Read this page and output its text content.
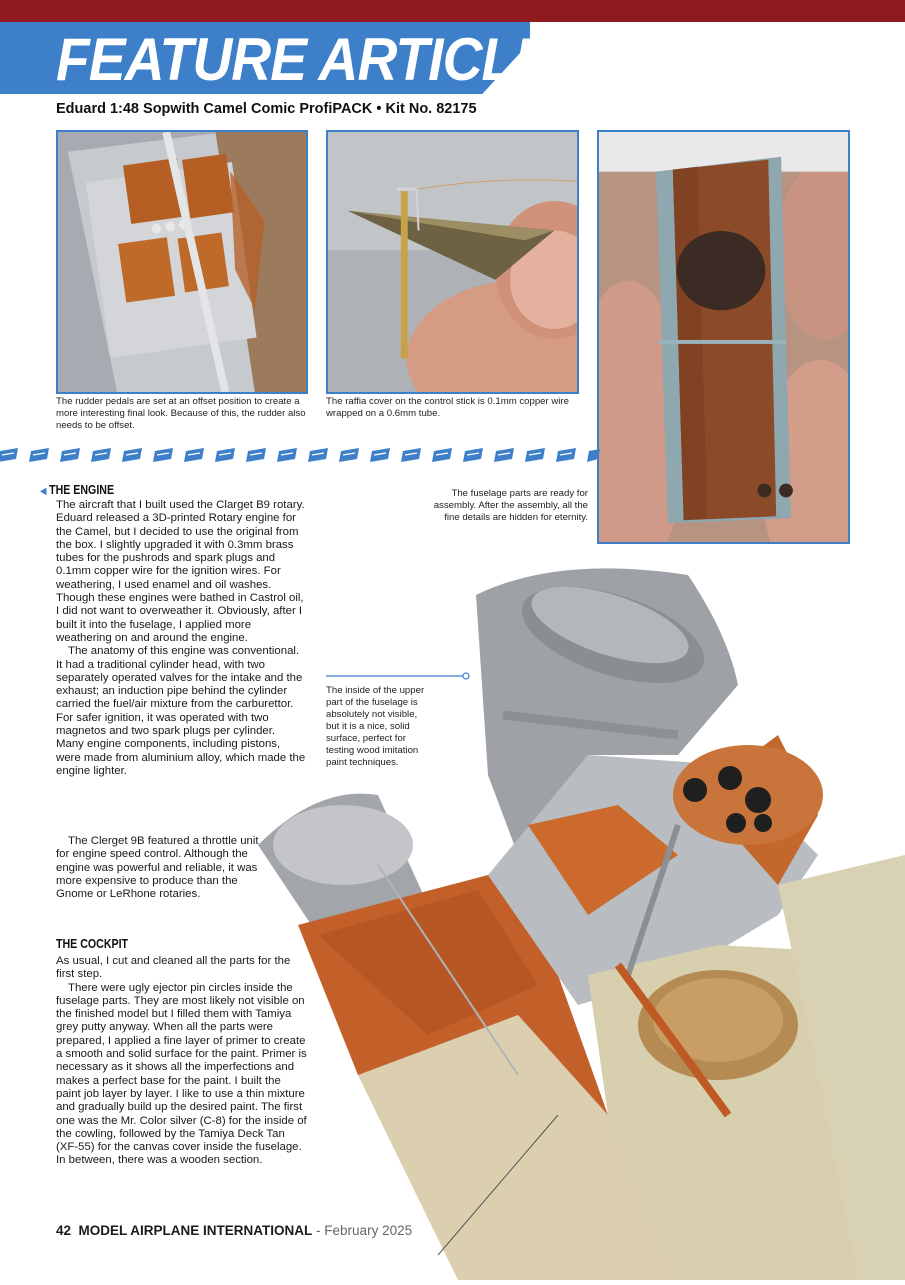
FEATURE ARTICLE
Eduard 1:48 Sopwith Camel Comic ProfiPACK • Kit No. 82175
The rudder pedals are set at an offset position to create a more interesting final look. Because of this, the rudder also needs to be offset.
The raffia cover on the control stick is 0.1mm copper wire wrapped on a 0.6mm tube.
The fuselage parts are ready for assembly. After the assembly, all the fine details are hidden for eternity.
The inside of the upper part of the fuselage is absolutely not visible, but it is a nice, solid surface, perfect for testing wood imitation paint techniques.
◀ THE ENGINE

The aircraft that I built used the Clarget B9 rotary. Eduard released a 3D-printed Rotary engine for the Camel, but I decided to use the original from the box. I slightly upgraded it with 0.3mm brass tubes for the pushrods and spark plugs and 0.1mm copper wire for the ignition wires. For weathering, I used enamel and oil washes. Though these engines were bathed in Castrol oil, I did not want to overweather it. Obviously, after I built it into the fuselage, I applied more weathering on and around the engine.

The anatomy of this engine was conventional. It had a traditional cylinder head, with two separately operated valves for the intake and the exhaust; an induction pipe behind the cylinder carried the fuel/air mixture from the carburettor. For safer ignition, it was operated with two magnetos and two spark plugs per cylinder. Many engine components, including pistons, were made from aluminium alloy, which made the engine lighter.

The Clerget 9B featured a throttle unit for engine speed control. Although the engine was powerful and reliable, it was more expensive to produce than the Gnome or LeRhone rotaries.

THE COCKPIT

As usual, I cut and cleaned all the parts for the first step.

There were ugly ejector pin circles inside the fuselage parts. They are most likely not visible on the finished model but I filled them with Tamiya grey putty anyway. When all the parts were prepared, I applied a fine layer of primer to create a smooth and solid surface for the paint. Primer is necessary as it shows all the imperfections and makes a perfect base for the paint. I built the paint job layer by layer. I like to use a thin mixture and gradually build up the desired paint. The first one was the Mr. Color silver (C-8) for the inside of the cowling, followed by the Tamiya Deck Tan (XF-55) for the canvas cover inside the fuselage. In between, there was a wooden section.

42 MODEL AIRPLANE INTERNATIONAL - February 2025
